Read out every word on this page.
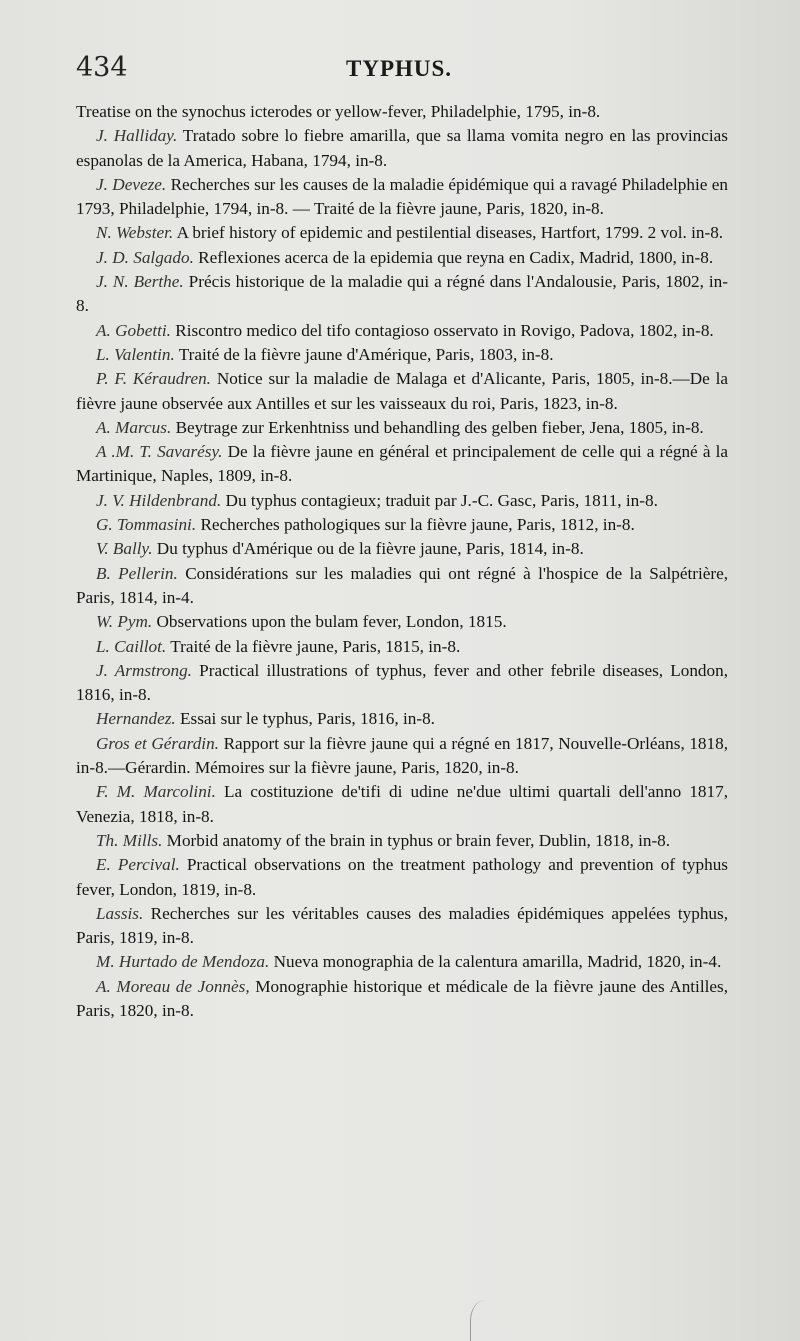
434	TYPHUS.

Treatise on the synochus icterodes or yellow-fever, Philadelphie, 1795, in-8.

J. Halliday. Tratado sobre lo fiebre amarilla, que sa llama vomita negro en las provincias espanolas de la America, Habana, 1794, in-8.

J. Deveze. Recherches sur les causes de la maladie épidémique qui a ravagé Philadelphie en 1793, Philadelphie, 1794, in-8. — Traité de la fièvre jaune, Paris, 1820, in-8.

N. Webster. A brief history of epidemic and pestilential diseases, Hartfort, 1799. 2 vol. in-8.

J. D. Salgado. Reflexiones acerca de la epidemia que reyna en Cadix, Madrid, 1800, in-8.

J. N. Berthe. Précis historique de la maladie qui a régné dans l'Andalousie, Paris, 1802, in-8.

A. Gobetti. Riscontro medico del tifo contagioso osservato in Rovigo, Padova, 1802, in-8.

L. Valentin. Traité de la fièvre jaune d'Amérique, Paris, 1803, in-8.

P. F. Kéraudren. Notice sur la maladie de Malaga et d'Alicante, Paris, 1805, in-8.—De la fièvre jaune observée aux Antilles et sur les vaisseaux du roi, Paris, 1823, in-8.

A. Marcus. Beytrage zur Erkenhtniss und behandling des gelben fieber, Jena, 1805, in-8.

A .M. T. Savarésy. De la fièvre jaune en général et principalement de celle qui a régné à la Martinique, Naples, 1809, in-8.

J. V. Hildenbrand. Du typhus contagieux; traduit par J.-C. Gasc, Paris, 1811, in-8.

G. Tommasini. Recherches pathologiques sur la fièvre jaune, Paris, 1812, in-8.

V. Bally. Du typhus d'Amérique ou de la fièvre jaune, Paris, 1814, in-8.

B. Pellerin. Considérations sur les maladies qui ont régné à l'hospice de la Salpétrière, Paris, 1814, in-4.

W. Pym. Observations upon the bulam fever, London, 1815.

L. Caillot. Traité de la fièvre jaune, Paris, 1815, in-8.

J. Armstrong. Practical illustrations of typhus, fever and other febrile diseases, London, 1816, in-8.

Hernandez. Essai sur le typhus, Paris, 1816, in-8.

Gros et Gérardin. Rapport sur la fièvre jaune qui a régné en 1817, Nouvelle-Orléans, 1818, in-8.—Gérardin. Mémoires sur la fièvre jaune, Paris, 1820, in-8.

F. M. Marcolini. La costituzione de'tifi di udine ne'due ultimi quartali dell'anno 1817, Venezia, 1818, in-8.

Th. Mills. Morbid anatomy of the brain in typhus or brain fever, Dublin, 1818, in-8.

E. Percival. Practical observations on the treatment pathology and prevention of typhus fever, London, 1819, in-8.

Lassis. Recherches sur les véritables causes des maladies épidémiques appelées typhus, Paris, 1819, in-8.

M. Hurtado de Mendoza. Nueva monographia de la calentura amarilla, Madrid, 1820, in-4.

A. Moreau de Jonnès, Monographie historique et médicale de la fièvre jaune des Antilles, Paris, 1820, in-8.
